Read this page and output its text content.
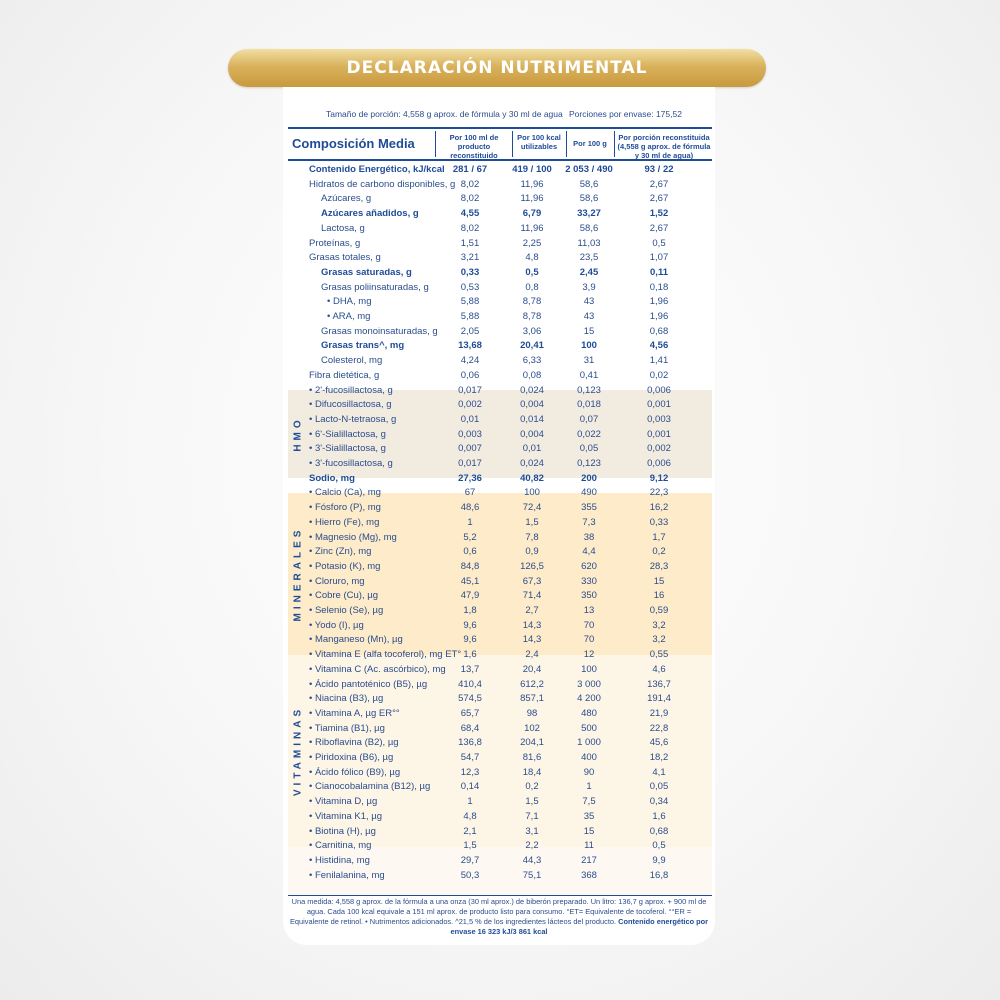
DECLARACIÓN NUTRIMENTAL
Tamaño de porción: 4,558 g aprox. de fórmula y 30 ml de agua Porciones por envase: 175,52
Composición Media	Por 100 ml de producto reconstituido
Por 100 kcal utilizables	Por 100 g
Por porción reconstituida (4,558 g aprox. de fórmula y 30 ml de agua)
HMO
MINERALES
VITAMINAS
Contenido Energético, kJ/kcal 281 / 67	419 / 100	2 053 / 490	93 / 22
Hidratos de carbono disponibles, g 8,02	11,96	58,6	2,67
Azúcares, g	8,02	11,96	58,6	2,67
Azúcares añadidos, g	4,55	6,79	33,27	1,52
Lactosa, g	8,02	11,96	58,6	2,67
Proteínas, g	1,51	2,25	11,03	0,5
Grasas totales, g	3,21	4,8	23,5	1,07
Grasas saturadas, g	0,33	0,5	2,45	0,11
Grasas poliinsaturadas, g	0,53	0,8	3,9	0,18
• DHA, mg	5,88	8,78	43	1,96
• ARA, mg	5,88	8,78	43	1,96
Grasas monoinsaturadas, g	2,05	3,06	15	0,68
Grasas trans^, mg	13,68	20,41	100	4,56
Colesterol, mg	4,24	6,33	31	1,41
Fibra dietética, g	0,06	0,08	0,41	0,02
• 2'-fucosillactosa, g	0,017	0,024	0,123	0,006
• Difucosillactosa, g	0,002	0,004	0,018	0,001
• Lacto-N-tetraosa, g	0,01	0,014	0,07	0,003
• 6'-Sialillactosa, g	0,003	0,004	0,022	0,001
• 3'-Sialillactosa, g	0,007	0,01	0,05	0,002
• 3'-fucosillactosa, g	0,017	0,024	0,123	0,006
Sodio, mg	27,36	40,82	200	9,12
• Calcio (Ca), mg	67	100	490	22,3
• Fósforo (P), mg	48,6	72,4	355	16,2
• Hierro (Fe), mg	1	1,5	7,3	0,33
• Magnesio (Mg), mg	5,2	7,8	38	1,7
• Zinc (Zn), mg	0,6	0,9	4,4	0,2
• Potasio (K), mg	84,8	126,5	620	28,3
• Cloruro, mg	45,1	67,3	330	15
• Cobre (Cu), µg	47,9	71,4	350	16
• Selenio (Se), µg	1,8	2,7	13	0,59
• Yodo (I), µg	9,6	14,3	70	3,2
• Manganeso (Mn), µg	9,6	14,3	70	3,2
• Vitamina E (alfa tocoferol), mg ET° 1,6	2,4	12	0,55
• Vitamina C (Ac. ascórbico), mg	13,7	20,4	100	4,6
• Ácido pantoténico (B5), µg	410,4	612,2	3 000	136,7
• Niacina (B3), µg	574,5	857,1	4 200	191,4
• Vitamina A, µg ER°°	65,7	98	480	21,9
• Tiamina (B1), µg	68,4	102	500	22,8
• Riboflavina (B2), µg	136,8	204,1	1 000	45,6
• Piridoxina (B6), µg	54,7	81,6	400	18,2
• Ácido fólico (B9), µg	12,3	18,4	90	4,1
• Cianocobalamina (B12), µg	0,14	0,2	1	0,05
• Vitamina D, µg	1	1,5	7,5	0,34
• Vitamina K1, µg	4,8	7,1	35	1,6
• Biotina (H), µg	2,1	3,1	15	0,68
• Carnitina, mg	1,5	2,2	11	0,5
• Histidina, mg	29,7	44,3	217	9,9
• Fenilalanina, mg	50,3	75,1	368	16,8
Una medida: 4,558 g aprox. de la fórmula a una onza (30 ml aprox.) de biberón preparado. Un litro: 136,7 g aprox. + 900 ml de agua. Cada 100 kcal equivale a 151 ml aprox. de producto listo para consumo. °ET= Equivalente de tocoferol. °°ER = Equivalente de retinol. • Nutrimentos adicionados. ^21,5 % de los ingredientes lácteos del producto. Contenido energético por envase 16 323 kJ/3 861 kcal
